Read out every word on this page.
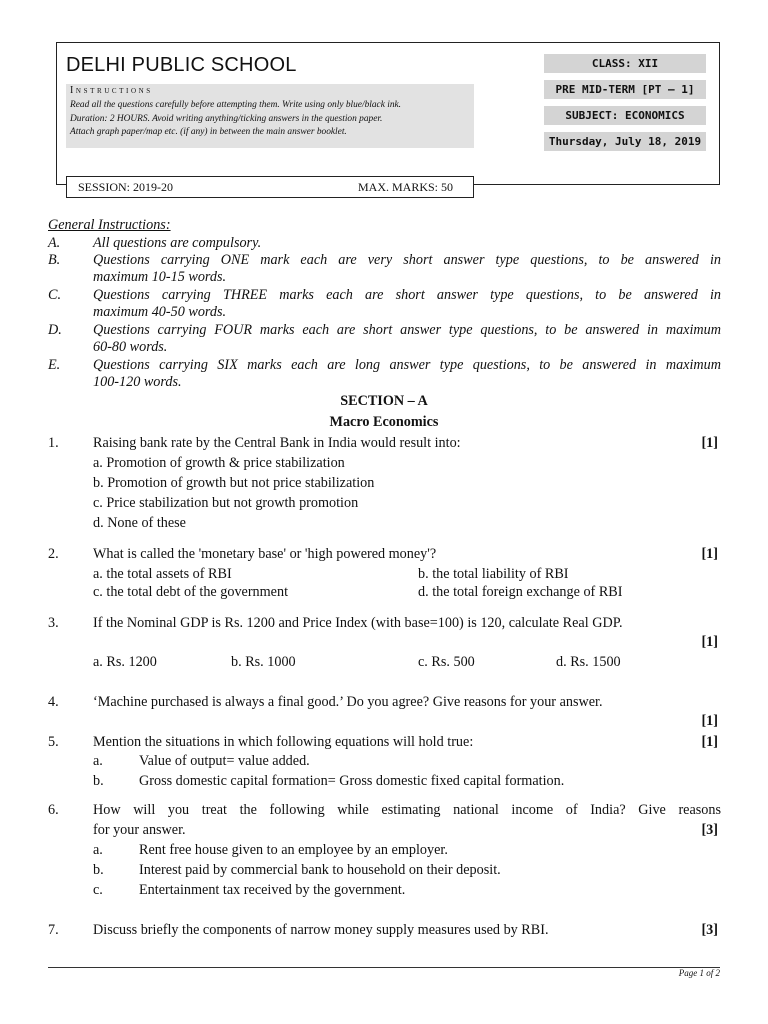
DELHI PUBLIC SCHOOL
Instructions
Read all the questions carefully before attempting them. Write using only blue/black ink.
Duration: 2 HOURS. Avoid writing anything/ticking answers in the question paper.
Attach graph paper/map etc. (if any) in between the main answer booklet.
CLASS: XII
PRE MID-TERM [PT – 1]
SUBJECT: ECONOMICS
Thursday, July 18, 2019
SESSION: 2019-20	MAX. MARKS: 50
General Instructions:
A. All questions are compulsory.
B. Questions carrying ONE mark each are very short answer type questions, to be answered in
maximum 10-15 words.
C. Questions carrying THREE marks each are short answer type questions, to be answered in
maximum 40-50 words.
D. Questions carrying FOUR marks each are short answer type questions, to be answered in maximum
60-80 words.
E. Questions carrying SIX marks each are long answer type questions, to be answered in maximum
100-120 words.
SECTION – A
Macro Economics
1. Raising bank rate by the Central Bank in India would result into:	[1]
a. Promotion of growth & price stabilization
b. Promotion of growth but not price stabilization
c. Price stabilization but not growth promotion
d. None of these
2. What is called the 'monetary base' or 'high powered money'?	[1]
a. the total assets of RBI	b. the total liability of RBI
c. the total debt of the government	d. the total foreign exchange of RBI
3. If the Nominal GDP is Rs. 1200 and Price Index (with base=100) is 120, calculate Real GDP.
[1]
a. Rs. 1200	b. Rs. 1000	c. Rs. 500	d. Rs. 1500
4. ‘Machine purchased is always a final good.’ Do you agree? Give reasons for your answer.
[1]
5. Mention the situations in which following equations will hold true:	[1]
a.	Value of output= value added.
b. Gross domestic capital formation= Gross domestic fixed capital formation.
6. How will you treat the following while estimating national income of India? Give reasons
for your answer.	[3]
a.	Rent free house given to an employee by an employer.
b. Interest paid by commercial bank to household on their deposit.
c.	Entertainment tax received by the government.
7. Discuss briefly the components of narrow money supply measures used by RBI.	[3]
Page 1 of 2
